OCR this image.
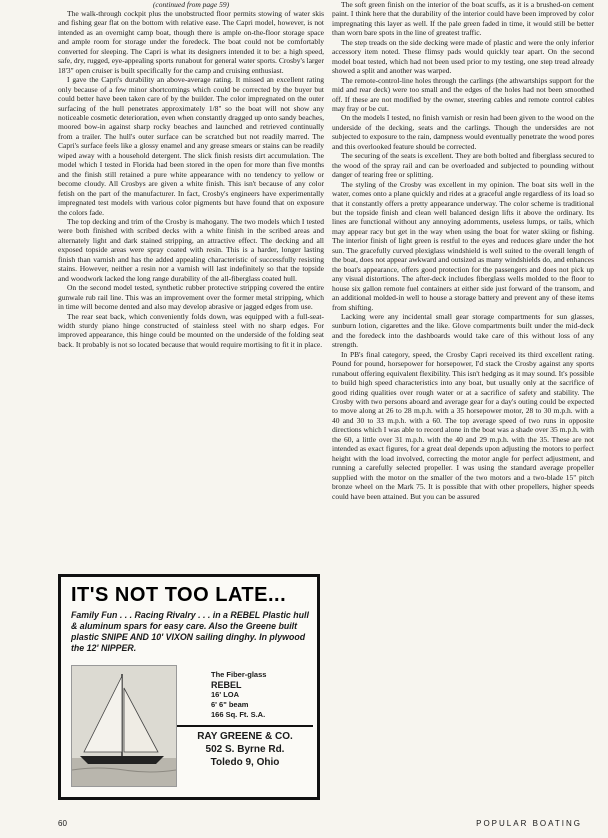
(continued from page 59)

The walk-through cockpit plus the unobstructed floor permits stowing of water skis and fishing gear flat on the bottom with relative ease. The Capri model, however, is not intended as an overnight camp boat, though there is ample on-the-floor storage space and ample room for storage under the foredeck. The boat could not be comfortably converted for sleeping. The Capri is what its designers intended it to be: a high speed, safe, dry, rugged, eye-appealing sports runabout for general water sports. Crosby's larger 18'3" open cruiser is built specifically for the camp and cruising enthusiast.

I gave the Capri's durability an above-average rating. It missed an excellent rating only because of a few minor shortcomings which could be corrected by the buyer but could better have been taken care of by the builder. The color impregnated on the outer surfacing of the hull penetrates approximately 1/8" so the boat will not show any noticeable cosmetic deterioration, even when constantly dragged up onto sandy beaches, moored bow-in against sharp rocky beaches and launched and retrieved continually from a trailer. The hull's outer surface can be scratched but not readily marred. The Capri's surface feels like a glossy enamel and any grease smears or stains can be readily wiped away with a household detergent. The slick finish resists dirt accumulation. The model which I tested in Florida had been stored in the open for more than five months and the finish still retained a pure white appearance with no tendency to yellow or become cloudy. All Crosbys are given a white finish. This isn't because of any color fetish on the part of the manufacturer. In fact, Crosby's engineers have experimentally impregnated test models with various color pigments but have found that on exposure the colors fade.

The top decking and trim of the Crosby is mahogany. The two models which I tested were both finished with scribed decks with a white finish in the scribed areas and alternately light and dark stained stripping, an attractive effect. The decking and all exposed topside areas were spray coated with resin. This is a harder, longer lasting finish than varnish and has the added appealing characteristic of successfully resisting stains. However, neither a resin nor a varnish will last indefinitely so that the topside and woodwork lacked the long range durability of the all-fiberglass coated hull.

On the second model tested, synthetic rubber protective stripping covered the entire gunwale rub rail line. This was an improvement over the former metal stripping, which in time will become dented and also may develop abrasive or jagged edges from use.

The rear seat back, which conveniently folds down, was equipped with a full-seat-width sturdy piano hinge constructed of stainless steel with no sharp edges. For improved appearance, this hinge could be mounted on the underside of the folding seat back. It probably is not so located because that would require mortising to fit it in place.

The soft green finish on the interior of the boat scuffs, as it is a brushed-on cement paint. I think here that the durability of the interior could have been improved by color impregnating this layer as well. If the pale green faded in time, it would still be better than worn bare spots in the line of greatest traffic.

The step treads on the side decking were made of plastic and were the only inferior accessory item noted. These flimsy pads would quickly tear apart. On the second model boat tested, which had not been used prior to my testing, one step tread already showed a split and another was warped.

The remote-control-line holes through the carlings (the athwartships support for the mid and rear deck) were too small and the edges of the holes had not been smoothed off. If these are not modified by the owner, steering cables and remote control cables may fray or be cut.

On the models I tested, no finish varnish or resin had been given to the wood on the underside of the decking, seats and the carlings. Though the undersides are not subjected to exposure to the rain, dampness would eventually penetrate the wood pores and this overlooked feature should be corrected.

The securing of the seats is excellent. They are both bolted and fiberglass secured to the wood of the spray rail and can be overloaded and subjected to pounding without danger of tearing free or splitting.

The styling of the Crosby was excellent in my opinion. The boat sits well in the water, comes onto a plane quickly and rides at a graceful angle regardless of its load so that it constantly offers a pretty appearance underway. The color scheme is traditional but the topside finish and clean well balanced design lifts it above the ordinary. Its lines are functional without any annoying adornments, useless lumps, or tails, which may appear racy but get in the way when using the boat for water skiing or fishing. The interior finish of light green is restful to the eyes and reduces glare under the hot sun. The gracefully curved plexiglass windshield is well suited to the overall length of the boat, does not appear awkward and outsized as many windshields do, and enhances the boat's appearance, offers good protection for the passengers and does not pick up any visual distortions. The after-deck includes fiberglass wells molded to the floor to house six gallon remote fuel containers at either side just forward of the transom, and an additional molded-in well to house a storage battery and prevent any of these items from shifting.

Lacking were any incidental small gear storage compartments for sun glasses, sunburn lotion, cigarettes and the like. Glove compartments built under the mid-deck and the foredeck into the dashboards would take care of this without loss of any strength.

In PB's final category, speed, the Crosby Capri received its third excellent rating. Pound for pound, horsepower for horsepower, I'd stack the Crosby against any sports runabout offering equivalent flexibility. This isn't hedging as it may sound. It's possible to build high speed characteristics into any boat, but usually only at the sacrifice of good riding qualities over rough water or at a sacrifice of safety and stability. The Crosby with two persons aboard and average gear for a day's outing could be expected to move along at 26 to 28 m.p.h. with a 35 horsepower motor, 28 to 30 m.p.h. with a 40 and 30 to 33 m.p.h. with a 60. The top average speed of two runs in opposite directions which I was able to record alone in the boat was a shade over 35 m.p.h. with the 60, a little over 31 m.p.h. with the 40 and 29 m.p.h. with the 35. These are not intended as exact figures, for a great deal depends upon adjusting the motors to perfect height with the load involved, correcting the motor angle for perfect adjustment, and running a carefully selected propeller. I was using the standard average propeller supplied with the motor on the smaller of the two motors and a two-blade 15" pitch bronze wheel on the Mark 75. It is possible that with other propellers, higher speeds could have been attained. But you can be assured

IT'S NOT TOO LATE...
Family Fun . . . Racing Rivalry . . . in a REBEL Plastic hull & aluminum spars for easy care. Also the Greene built plastic SNIPE AND 10' VIXON sailing dinghy. In plywood the 12' NIPPER.
The Fiber-glass
REBEL
16' LOA
6' 6" beam
166 Sq. Ft. S.A.
RAY GREENE & CO.
502 S. Byrne Rd.
Toledo 9, Ohio
60	POPULAR BOATING
